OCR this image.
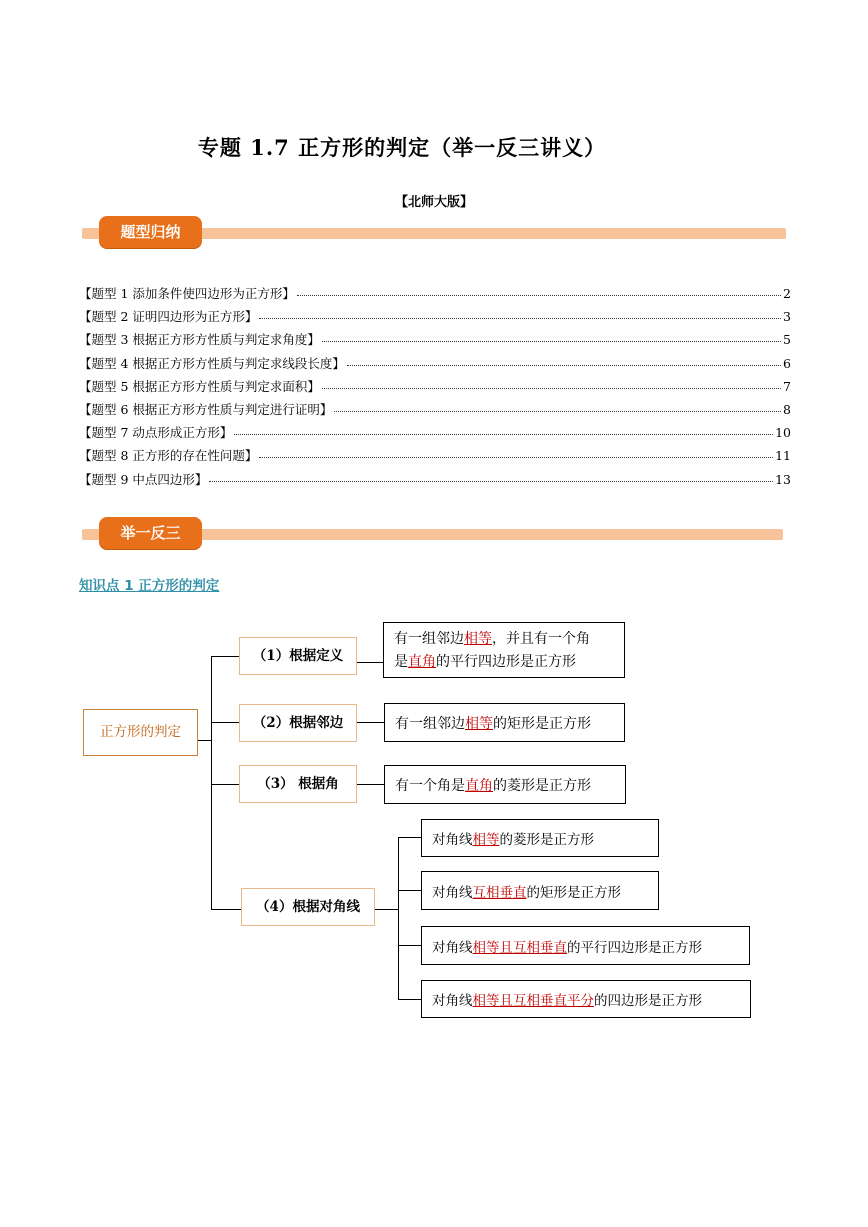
专题 1.7 正方形的判定（举一反三讲义）
【北师大版】
题型归纳
【题型 1 添加条件使四边形为正方形】	2
【题型 2 证明四边形为正方形】	3
【题型 3 根据正方形方性质与判定求角度】	5
【题型 4 根据正方形方性质与判定求线段长度】	6
【题型 5 根据正方形方性质与判定求面积】	7
【题型 6 根据正方形方性质与判定进行证明】	8
【题型 7 动点形成正方形】	10
【题型 8 正方形的存在性问题】	11
【题型 9 中点四边形】	13
举一反三
知识点 1 正方形的判定
正方形的判定
（1）根据定义
（2）根据邻边
（3） 根据角
（4）根据对角线
有一组邻边相等，并且有一个角
是直角的平行四边形是正方形
有一组邻边 相等 的矩形是正方形
有一个角是 直角 的菱形是正方形
对角线 相等 的菱形是正方形
对角线 互相垂直 的矩形是正方形
对角线 相等且互相垂直 的平行四边形是正方形
对角线 相等且互相垂直平分 的四边形是正方形
